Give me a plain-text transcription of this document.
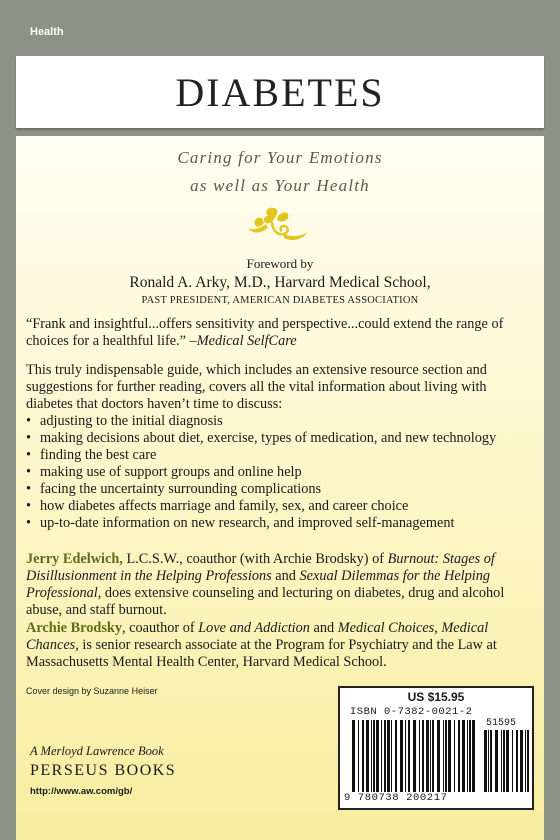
Health
DIABETES
Caring for Your Emotions
as well as Your Health
Foreword by
Ronald A. Arky, M.D., Harvard Medical School,
PAST PRESIDENT, AMERICAN DIABETES ASSOCIATION

“Frank and insightful...offers sensitivity and perspective...could extend the range of choices for a healthful life.” –Medical SelfCare

This truly indispensable guide, which includes an extensive resource section and suggestions for further reading, covers all the vital information about living with diabetes that doctors haven’t time to discuss:

• adjusting to the initial diagnosis
• making decisions about diet, exercise, types of medication, and new technology
• finding the best care
• making use of support groups and online help
• facing the uncertainty surrounding complications
• how diabetes affects marriage and family, sex, and career choice
• up-to-date information on new research, and improved self-management

Jerry Edelwich, L.C.S.W., coauthor (with Archie Brodsky) of Burnout: Stages of Disillusionment in the Helping Professions and Sexual Dilemmas for the Helping Professional, does extensive counseling and lecturing on diabetes, drug and alcohol abuse, and staff burnout.

Archie Brodsky, coauthor of Love and Addiction and Medical Choices, Medical Chances, is senior research associate at the Program for Psychiatry and the Law at Massachusetts Mental Health Center, Harvard Medical School.

Cover design by Suzanne Heiser
A Merloyd Lawrence Book
PERSEUS BOOKS
http://www.aw.com/gb/
US $15.95
ISBN 0-7382-0021-2
51595
9 780738 200217
